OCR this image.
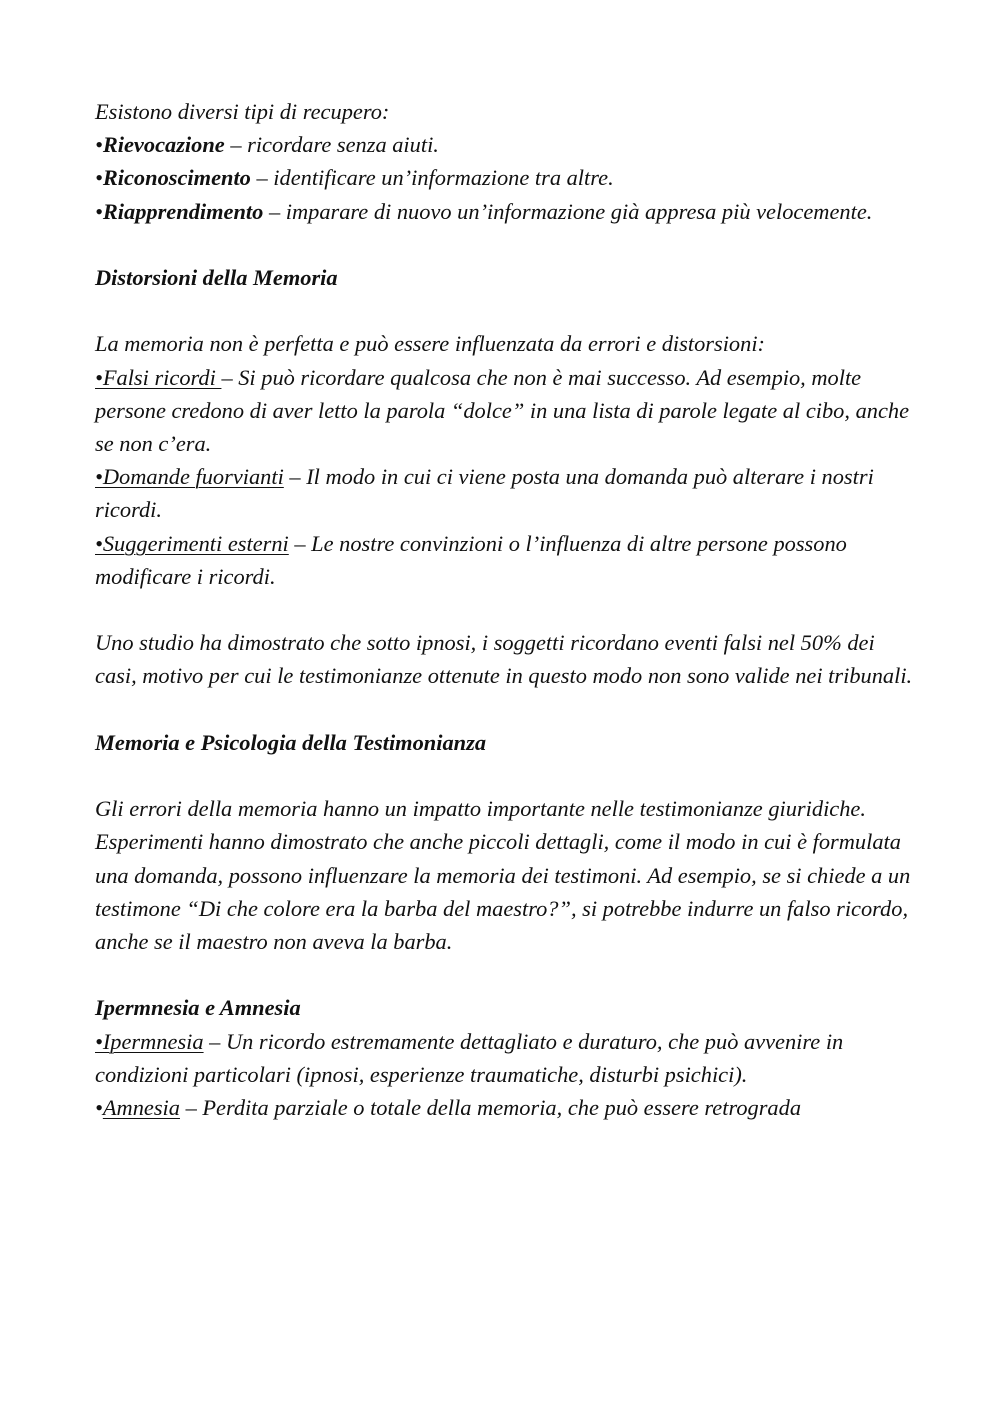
Esistono diversi tipi di recupero:

•Rievocazione – ricordare senza aiuti.

•Riconoscimento – identificare un’informazione tra altre.

•Riapprendimento – imparare di nuovo un’informazione già appresa più velocemente.

Distorsioni della Memoria

La memoria non è perfetta e può essere influenzata da errori e distorsioni:

•Falsi ricordi – Si può ricordare qualcosa che non è mai successo. Ad esempio, molte persone credono di aver letto la parola “dolce” in una lista di parole legate al cibo, anche se non c’era.

•Domande fuorvianti – Il modo in cui ci viene posta una domanda può alterare i nostri ricordi.

•Suggerimenti esterni – Le nostre convinzioni o l’influenza di altre persone possono modificare i ricordi.

Uno studio ha dimostrato che sotto ipnosi, i soggetti ricordano eventi falsi nel 50% dei casi, motivo per cui le testimonianze ottenute in questo modo non sono valide nei tribunali.

Memoria e Psicologia della Testimonianza

Gli errori della memoria hanno un impatto importante nelle testimonianze giuridiche. Esperimenti hanno dimostrato che anche piccoli dettagli, come il modo in cui è formulata una domanda, possono influenzare la memoria dei testimoni. Ad esempio, se si chiede a un testimone “Di che colore era la barba del maestro?”, si potrebbe indurre un falso ricordo, anche se il maestro non aveva la barba.

Ipermnesia e Amnesia

•Ipermnesia – Un ricordo estremamente dettagliato e duraturo, che può avvenire in condizioni particolari (ipnosi, esperienze traumatiche, disturbi psichici).

•Amnesia – Perdita parziale o totale della memoria, che può essere retrograda
